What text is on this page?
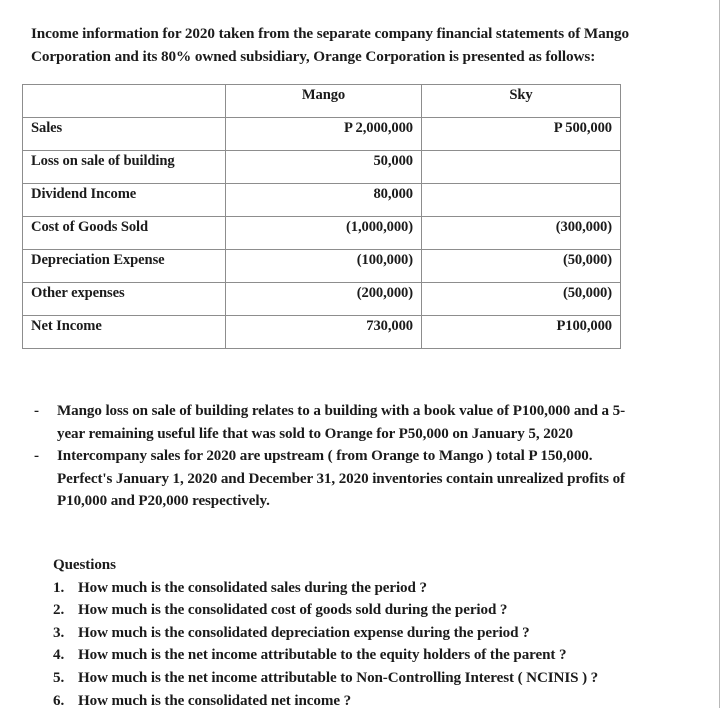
Income information for 2020 taken from the separate company financial statements of Mango Corporation and its 80% owned subsidiary, Orange Corporation is presented as follows:

	Mango	Sky
Sales	P 2,000,000	P 500,000
Loss on sale of building	50,000	
Dividend Income	80,000	
Cost of Goods Sold	(1,000,000)	(300,000)
Depreciation Expense	(100,000)	(50,000)
Other expenses	(200,000)	(50,000)
Net Income	730,000	P100,000
- Mango loss on sale of building relates to a building with a book value of P100,000 and a 5-year remaining useful life that was sold to Orange for P50,000 on January 5, 2020
- Intercompany sales for 2020 are upstream ( from Orange to Mango ) total P 150,000. Perfect's January 1, 2020 and December 31, 2020 inventories contain unrealized profits of P10,000 and P20,000 respectively.
Questions
1. How much is the consolidated sales during the period ?
2. How much is the consolidated cost of goods sold during the period ?
3. How much is the consolidated depreciation expense during the period ?
4. How much is the net income attributable to the equity holders of the parent ?
5. How much is the net income attributable to Non-Controlling Interest ( NCINIS ) ?
6. How much is the consolidated net income ?
